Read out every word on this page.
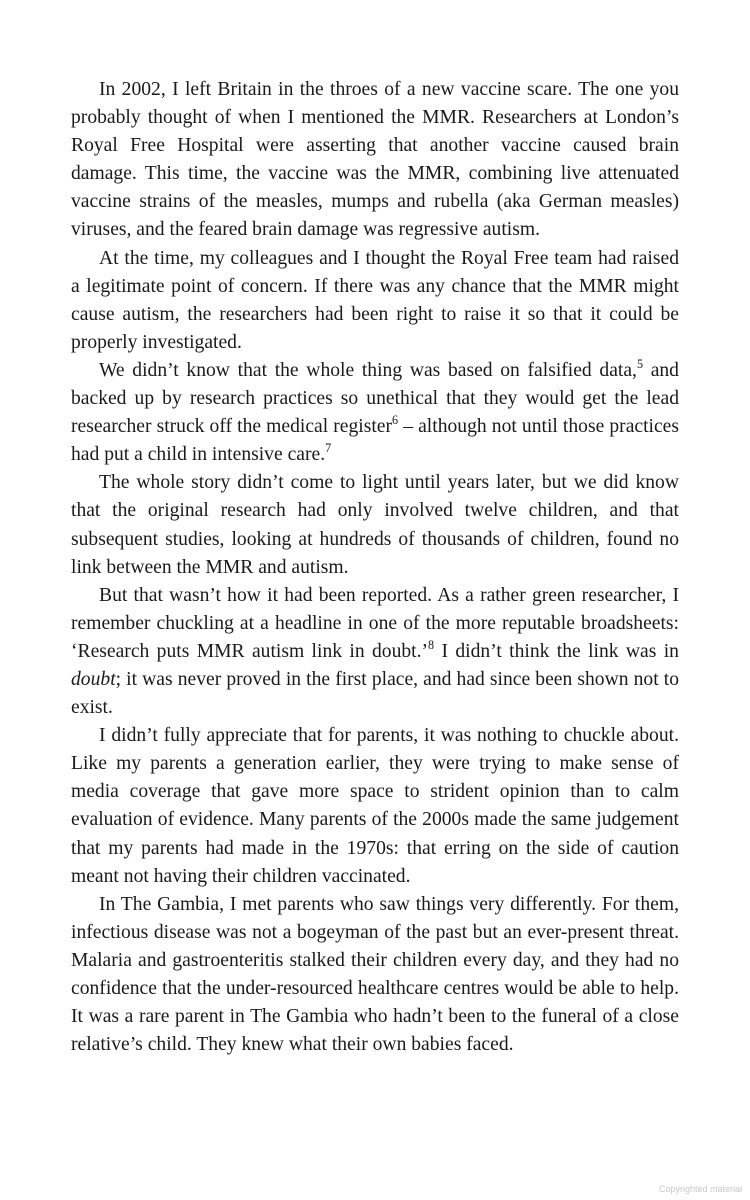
In 2002, I left Britain in the throes of a new vaccine scare. The one you probably thought of when I mentioned the MMR. Researchers at London’s Royal Free Hospital were asserting that another vaccine caused brain damage. This time, the vaccine was the MMR, combining live attenuated vaccine strains of the measles, mumps and rubella (aka German measles) viruses, and the feared brain damage was regressive autism.

At the time, my colleagues and I thought the Royal Free team had raised a legitimate point of concern. If there was any chance that the MMR might cause autism, the researchers had been right to raise it so that it could be properly investigated.

We didn’t know that the whole thing was based on falsified data,$^5$ and backed up by research practices so unethical that they would get the lead researcher struck off the medical register$^6$ – although not until those practices had put a child in intensive care.$^7$

The whole story didn’t come to light until years later, but we did know that the original research had only involved twelve children, and that subsequent studies, looking at hundreds of thousands of children, found no link between the MMR and autism.

But that wasn’t how it had been reported. As a rather green researcher, I remember chuckling at a headline in one of the more reputable broadsheets: ‘Research puts MMR autism link in doubt.’$^8$ I didn’t think the link was in doubt; it was never proved in the first place, and had since been shown not to exist.

I didn’t fully appreciate that for parents, it was nothing to chuckle about. Like my parents a generation earlier, they were trying to make sense of media coverage that gave more space to strident opinion than to calm evaluation of evidence. Many parents of the 2000s made the same judgement that my parents had made in the 1970s: that erring on the side of caution meant not having their children vaccinated.

In The Gambia, I met parents who saw things very differently. For them, infectious disease was not a bogeyman of the past but an ever-present threat. Malaria and gastroenteritis stalked their children every day, and they had no confidence that the under-resourced healthcare centres would be able to help. It was a rare parent in The Gambia who hadn’t been to the funeral of a close relative’s child. They knew what their own babies faced.

Copyrighted material
